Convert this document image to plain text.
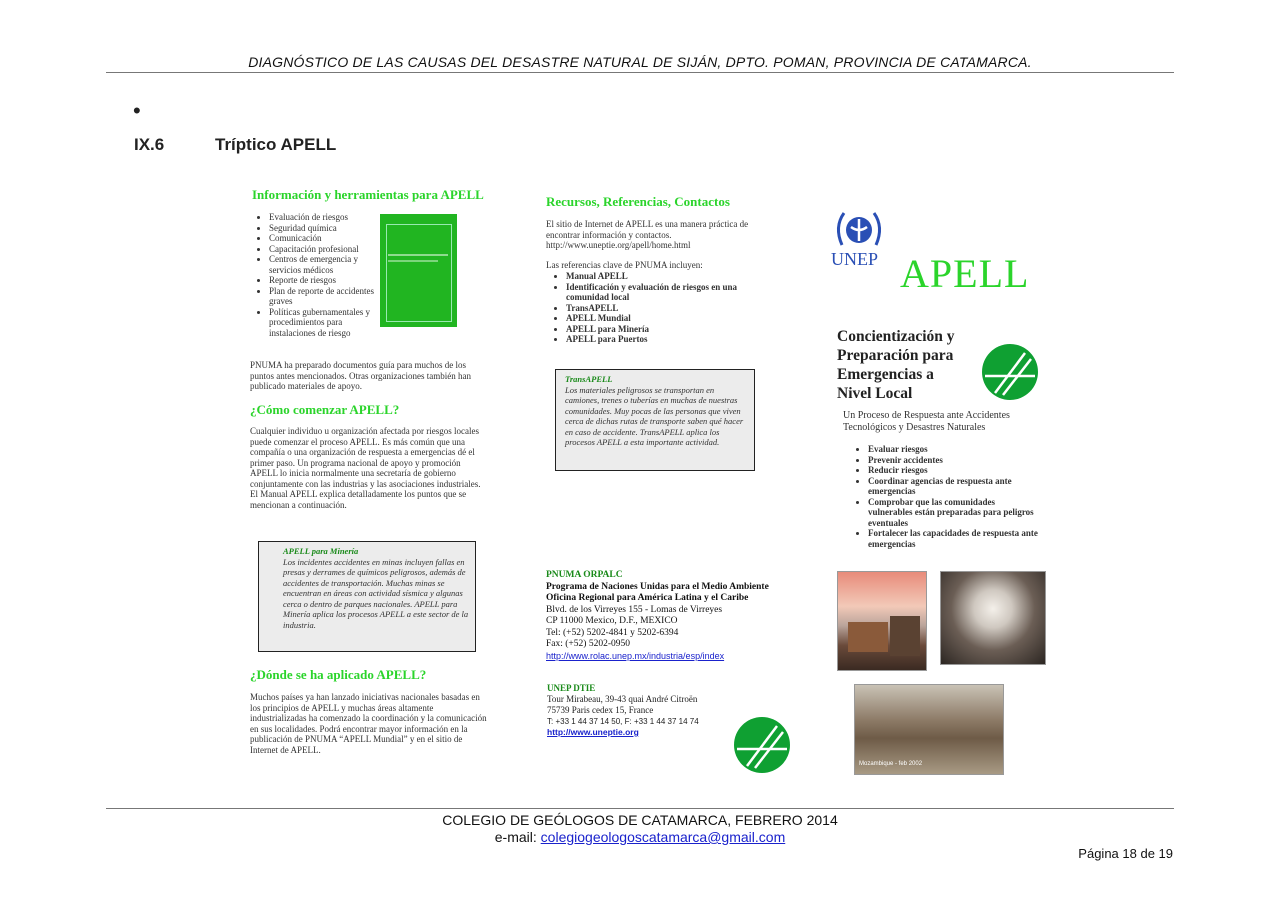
DIAGNÓSTICO DE LAS CAUSAS DEL DESASTRE NATURAL DE SIJÁN, DPTO. POMAN, PROVINCIA DE CATAMARCA.
•
IX.6	Tríptico APELL
Información y herramientas para APELL
• Evaluación de riesgos
• Seguridad química
• Comunicación
• Capacitación profesional
• Centros de emergencia y servicios médicos
• Reporte de riesgos
• Plan de reporte de accidentes graves
• Políticas gubernamentales y procedimientos para instalaciones de riesgo
PNUMA ha preparado documentos guía para muchos de los puntos antes mencionados. Otras organizaciones también han publicado materiales de apoyo.
¿Cómo comenzar APELL?
Cualquier individuo u organización afectada por riesgos locales puede comenzar el proceso APELL. Es más común que una compañía o una organización de respuesta a emergencias dé el primer paso. Un programa nacional de apoyo y promoción APELL lo inicia normalmente una secretaría de gobierno conjuntamente con las industrias y las asociaciones industriales. El Manual APELL explica detalladamente los puntos que se mencionan a continuación.
APELL para Minería
Los incidentes accidentes en minas incluyen fallas en presas y derrames de químicos peligrosos, además de accidentes de transportación. Muchas minas se encuentran en áreas con actividad sísmica y algunas cerca o dentro de parques nacionales. APELL para Minería aplica los procesos APELL a este sector de la industria.
¿Dónde se ha aplicado APELL?
Muchos países ya han lanzado iniciativas nacionales basadas en los principios de APELL y muchas áreas altamente industrializadas ha comenzado la coordinación y la comunicación en sus localidades. Podrá encontrar mayor información en la publicación de PNUMA “APELL Mundial” y en el sitio de Internet de APELL.
Recursos, Referencias, Contactos
El sitio de Internet de APELL es una manera práctica de encontrar información y contactos. http://www.uneptie.org/apell/home.html
Las referencias clave de PNUMA incluyen:
• Manual APELL
• Identificación y evaluación de riesgos en una comunidad local
• TransAPELL
• APELL Mundial
• APELL para Minería
• APELL para Puertos
TransAPELL
Los materiales peligrosos se transportan en camiones, trenes o tuberías en muchas de nuestras comunidades. Muy pocas de las personas que viven cerca de dichas rutas de transporte saben qué hacer en caso de accidente. TransAPELL aplica los procesos APELL a esta importante actividad.
PNUMA ORPALC
Programa de Naciones Unidas para el Medio Ambiente
Oficina Regional para América Latina y el Caribe
Blvd. de los Virreyes 155 - Lomas de Virreyes
CP 11000 Mexico, D.F., MEXICO
Tel: (+52) 5202-4841 y 5202-6394
Fax: (+52) 5202-0950
http://www.rolac.unep.mx/industria/esp/index
UNEP DTIE
Tour Mirabeau, 39-43 quai André Citroën
75739 Paris cedex 15, France
T: +33 1 44 37 14 50, F: +33 1 44 37 14 74
http://www.uneptie.org
UNEP APELL
Concientización y
Preparación para
Emergencias a
Nivel Local
Un Proceso de Respuesta ante Accidentes Tecnológicos y Desastres Naturales
• Evaluar riesgos
• Prevenir accidentes
• Reducir riesgos
• Coordinar agencias de respuesta ante emergencias
• Comprobar que las comunidades vulnerables están preparadas para peligros eventuales
• Fortalecer las capacidades de respuesta ante emergencias
Mozambique - feb 2002
COLEGIO DE GEÓLOGOS DE CATAMARCA, FEBRERO 2014
e-mail: colegiogeologoscatamarca@gmail.com
Página 18 de 19
